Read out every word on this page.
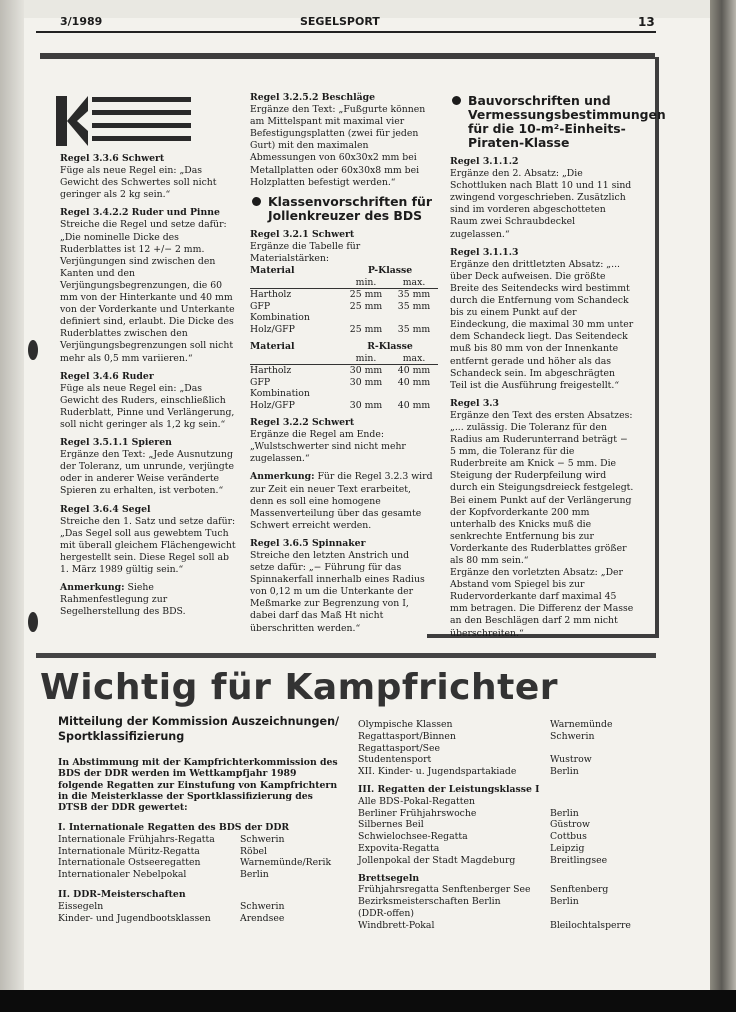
3/1989	SEGELSPORT	13

Regel 3.3.6 Schwert
Füge als neue Regel ein: „Das Gewicht des Schwertes soll nicht geringer als 2 kg sein.“

Regel 3.4.2.2 Ruder und Pinne
Streiche die Regel und setze dafür: „Die nominelle Dicke des Ruderblattes ist 12 +/− 2 mm. Verjüngungen sind zwischen den Kanten und den Verjüngungsbegrenzungen, die 60 mm von der Hinterkante und 40 mm von der Vorderkante und Unterkante definiert sind, erlaubt. Die Dicke des Ruderblattes zwischen den Verjüngungsbegrenzungen soll nicht mehr als 0,5 mm variieren.“

Regel 3.4.6 Ruder
Füge als neue Regel ein: „Das Gewicht des Ruders, einschließlich Ruderblatt, Pinne und Verlängerung, soll nicht geringer als 1,2 kg sein.“

Regel 3.5.1.1 Spieren
Ergänze den Text: „Jede Ausnutzung der Toleranz, um unrunde, verjüngte oder in anderer Weise veränderte Spieren zu erhalten, ist verboten.“

Regel 3.6.4 Segel
Streiche den 1. Satz und setze dafür: „Das Segel soll aus gewebtem Tuch mit überall gleichem Flächengewicht hergestellt sein. Diese Regel soll ab 1. März 1989 gültig sein.“

Anmerkung: Siehe Rahmenfestlegung zur Segelherstellung des BDS.

Regel 3.2.5.2 Beschläge
Ergänze den Text: „Fußgurte können am Mittelspant mit maximal vier Befestigungsplatten (zwei für jeden Gurt) mit den maximalen Abmessungen von 60x30x2 mm bei Metallplatten oder 60x30x8 mm bei Holzplatten befestigt werden.“

Klassenvorschriften für Jollenkreuzer des BDS

Regel 3.2.1 Schwert
Ergänze die Tabelle für Materialstärken:

Material	P-Klasse	
	min.	max.
Hartholz	25 mm	35 mm
GFP	25 mm	35 mm
Kombination		
Holz/GFP	25 mm	35 mm
Material	R-Klasse	
	min.	max.
Hartholz	30 mm	40 mm
GFP	30 mm	40 mm
Kombination		
Holz/GFP	30 mm	40 mm

Regel 3.2.2 Schwert
Ergänze die Regel am Ende: „Wulstschwerter sind nicht mehr zugelassen.“

Anmerkung: Für die Regel 3.2.3 wird zur Zeit ein neuer Text erarbeitet, denn es soll eine homogene Massenverteilung über das gesamte Schwert erreicht werden.

Regel 3.6.5 Spinnaker
Streiche den letzten Anstrich und setze dafür: „− Führung für das Spinnakerfall innerhalb eines Radius von 0,12 m um die Unterkante der Meßmarke zur Begrenzung von I, dabei darf das Maß Ht nicht überschritten werden.“

Bauvorschriften und Vermessungsbestimmungen für die 10-m²-Einheits-Piraten-Klasse

Regel 3.1.1.2
Ergänze den 2. Absatz: „Die Schottluken nach Blatt 10 und 11 sind zwingend vorgeschrieben. Zusätzlich sind im vorderen abgeschotteten Raum zwei Schraubdeckel zugelassen.“

Regel 3.1.1.3
Ergänze den drittletzten Absatz: „... über Deck aufweisen. Die größte Breite des Seitendecks wird bestimmt durch die Entfernung vom Schandeck bis zu einem Punkt auf der Eindeckung, die maximal 30 mm unter dem Schandeck liegt. Das Seitendeck muß bis 80 mm von der Innenkante entfernt gerade und höher als das Schandeck sein. Im abgeschrägten Teil ist die Ausführung freigestellt.“

Regel 3.3
Ergänze den Text des ersten Absatzes: „... zulässig. Die Toleranz für den Radius am Ruderunterrand beträgt − 5 mm, die Toleranz für die Ruderbreite am Knick − 5 mm. Die Steigung der Ruderpfeilung wird durch ein Steigungsdreieck festgelegt. Bei einem Punkt auf der Verlängerung der Kopfvorderkante 200 mm unterhalb des Knicks muß die senkrechte Entfernung bis zur Vorderkante des Ruderblattes größer als 80 mm sein.“

Ergänze den vorletzten Absatz: „Der Abstand vom Spiegel bis zur Rudervorderkante darf maximal 45 mm betragen. Die Differenz der Masse an den Beschlägen darf 2 mm nicht überschreiten.“

Wichtig für Kampfrichter
Mitteilung der Kommission Auszeichnungen/ Sportklassifizierung
In Abstimmung mit der Kampfrichterkommission des BDS der DDR werden im Wettkampfjahr 1989 folgende Regatten zur Einstufung von Kampfrichtern in die Meisterklasse der Sportklassifizierung des DTSB der DDR gewertet:
I. Internationale Regatten des BDS der DDR
Internationale Frühjahrs-Regatta	Schwerin
Internationale Müritz-Regatta	Röbel
Internationale Ostseeregatten	Warnemünde/Rerik
Internationaler Nebelpokal	Berlin
II. DDR-Meisterschaften
Eissegeln	Schwerin
Kinder- und Jugendbootsklassen	Arendsee
Olympische Klassen	Warnemünde
Regattasport/Binnen	Schwerin
Regattasport/See
Studentensport	Wustrow
XII. Kinder- u. Jugendspartakiade	Berlin
III. Regatten der Leistungsklasse I
Alle BDS-Pokal-Regatten
Berliner Frühjahrswoche	Berlin
Silbernes Beil	Güstrow
Schwielochsee-Regatta	Cottbus
Expovita-Regatta	Leipzig
Jollenpokal der Stadt Magdeburg	Breitlingsee
Brettsegeln
Frühjahrsregatta Senftenberger See Senftenberg
Bezirksmeisterschaften Berlin	Berlin
(DDR-offen)
Windbrett-Pokal	Bleilochtalsperre
